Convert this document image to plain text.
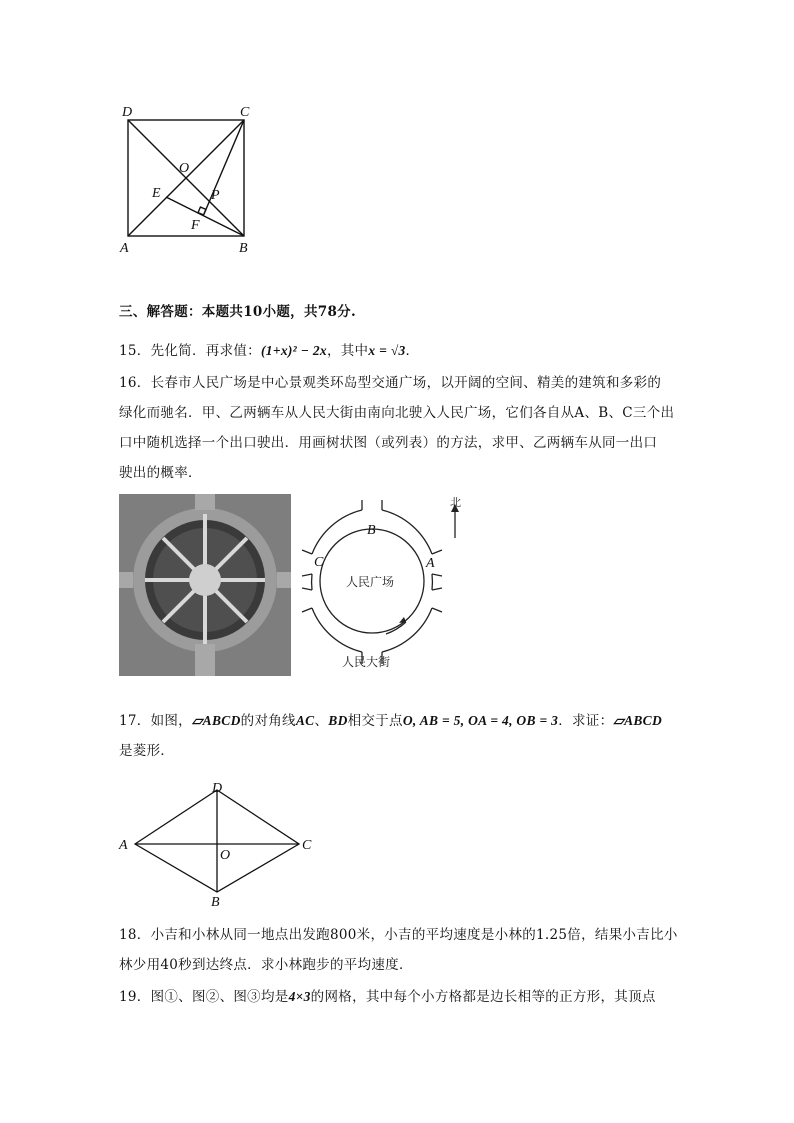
D	C
O
E	P
F
A	B
三、解答题：本题共10小题，共78分.
15．先化简．再求值：(1+x)² − 2x，其中x = √3．
16．长春市人民广场是中心景观类环岛型交通广场，以开阔的空间、精美的建筑和多彩的
绿化而驰名．甲、乙两辆车从人民大街由南向北驶入人民广场，它们各自从A、B、C三个出
口中随机选择一个出口驶出．用画树状图（或列表）的方法，求甲、乙两辆车从同一出口
驶出的概率．
北
人民广场
人民大街
B
C	A
17．如图，▱ABCD的对角线AC、BD相交于点O, AB = 5, OA = 4, OB = 3．求证：▱ABCD
是菱形．
A
D
C
O
B
18．小吉和小林从同一地点出发跑800米，小吉的平均速度是小林的1.25倍，结果小吉比小
林少用40秒到达终点．求小林跑步的平均速度．
19．图①、图②、图③均是4×3的网格，其中每个小方格都是边长相等的正方形，其顶点
